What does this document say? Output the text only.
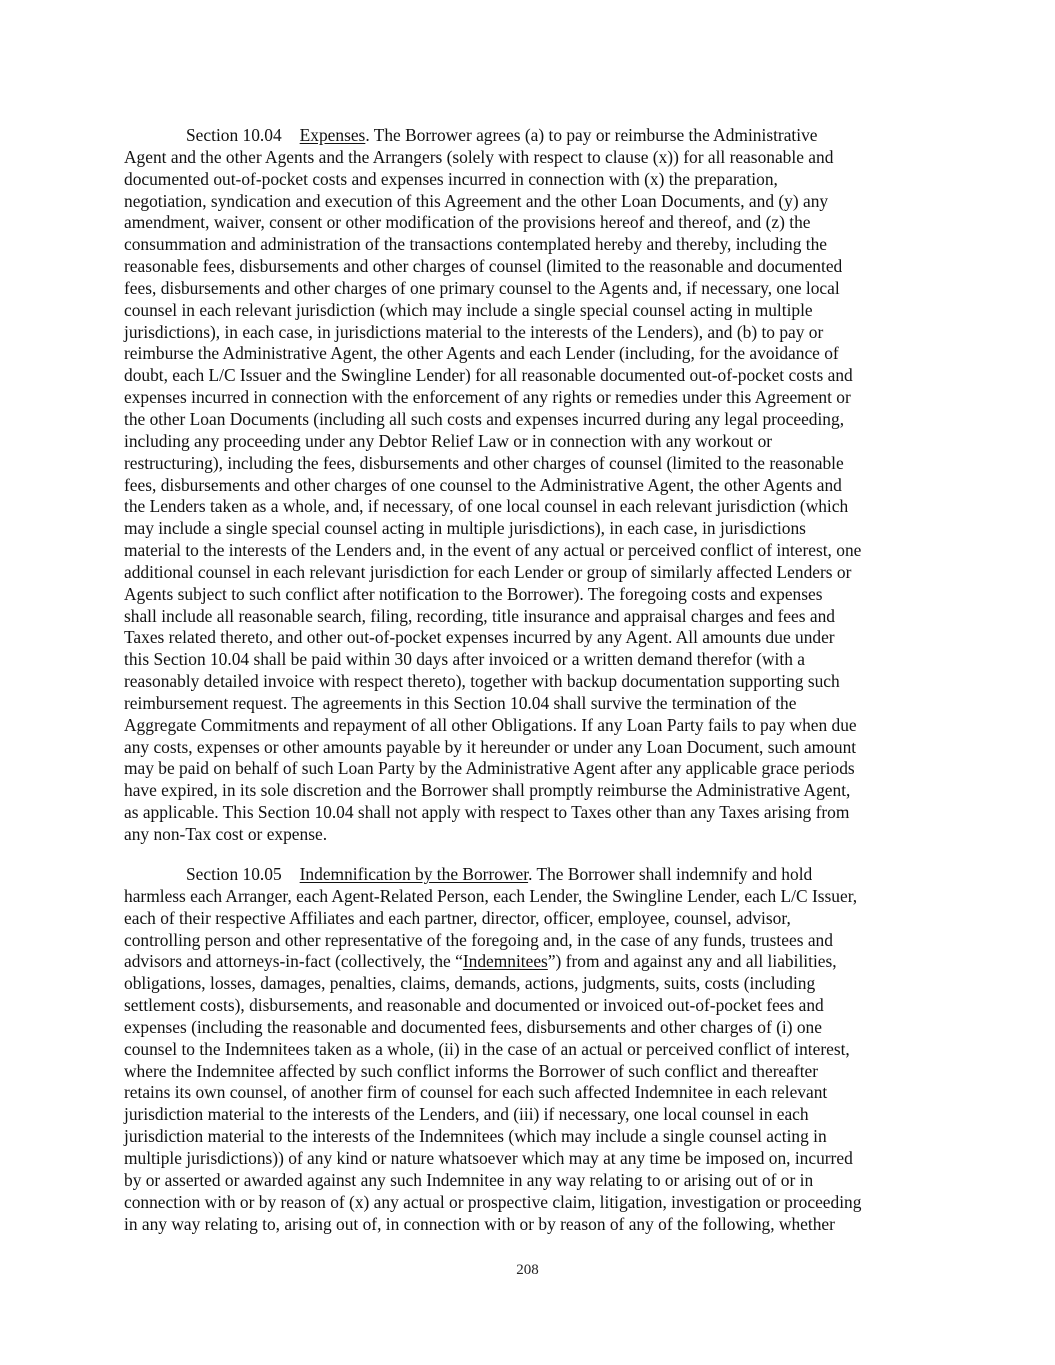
Section 10.04 Expenses. The Borrower agrees (a) to pay or reimburse the Administrative
Agent and the other Agents and the Arrangers (solely with respect to clause (x)) for all reasonable and
documented out-of-pocket costs and expenses incurred in connection with (x) the preparation,
negotiation, syndication and execution of this Agreement and the other Loan Documents, and (y) any
amendment, waiver, consent or other modification of the provisions hereof and thereof, and (z) the
consummation and administration of the transactions contemplated hereby and thereby, including the
reasonable fees, disbursements and other charges of counsel (limited to the reasonable and documented
fees, disbursements and other charges of one primary counsel to the Agents and, if necessary, one local
counsel in each relevant jurisdiction (which may include a single special counsel acting in multiple
jurisdictions), in each case, in jurisdictions material to the interests of the Lenders), and (b) to pay or
reimburse the Administrative Agent, the other Agents and each Lender (including, for the avoidance of
doubt, each L/C Issuer and the Swingline Lender) for all reasonable documented out-of-pocket costs and
expenses incurred in connection with the enforcement of any rights or remedies under this Agreement or
the other Loan Documents (including all such costs and expenses incurred during any legal proceeding,
including any proceeding under any Debtor Relief Law or in connection with any workout or
restructuring), including the fees, disbursements and other charges of counsel (limited to the reasonable
fees, disbursements and other charges of one counsel to the Administrative Agent, the other Agents and
the Lenders taken as a whole, and, if necessary, of one local counsel in each relevant jurisdiction (which
may include a single special counsel acting in multiple jurisdictions), in each case, in jurisdictions
material to the interests of the Lenders and, in the event of any actual or perceived conflict of interest, one
additional counsel in each relevant jurisdiction for each Lender or group of similarly affected Lenders or
Agents subject to such conflict after notification to the Borrower). The foregoing costs and expenses
shall include all reasonable search, filing, recording, title insurance and appraisal charges and fees and
Taxes related thereto, and other out-of-pocket expenses incurred by any Agent. All amounts due under
this Section 10.04 shall be paid within 30 days after invoiced or a written demand therefor (with a
reasonably detailed invoice with respect thereto), together with backup documentation supporting such
reimbursement request. The agreements in this Section 10.04 shall survive the termination of the
Aggregate Commitments and repayment of all other Obligations. If any Loan Party fails to pay when due
any costs, expenses or other amounts payable by it hereunder or under any Loan Document, such amount
may be paid on behalf of such Loan Party by the Administrative Agent after any applicable grace periods
have expired, in its sole discretion and the Borrower shall promptly reimburse the Administrative Agent,
as applicable. This Section 10.04 shall not apply with respect to Taxes other than any Taxes arising from
any non-Tax cost or expense.
Section 10.05 Indemnification by the Borrower. The Borrower shall indemnify and hold
harmless each Arranger, each Agent-Related Person, each Lender, the Swingline Lender, each L/C Issuer,
each of their respective Affiliates and each partner, director, officer, employee, counsel, advisor,
controlling person and other representative of the foregoing and, in the case of any funds, trustees and
advisors and attorneys-in-fact (collectively, the “Indemnitees”) from and against any and all liabilities,
obligations, losses, damages, penalties, claims, demands, actions, judgments, suits, costs (including
settlement costs), disbursements, and reasonable and documented or invoiced out-of-pocket fees and
expenses (including the reasonable and documented fees, disbursements and other charges of (i) one
counsel to the Indemnitees taken as a whole, (ii) in the case of an actual or perceived conflict of interest,
where the Indemnitee affected by such conflict informs the Borrower of such conflict and thereafter
retains its own counsel, of another firm of counsel for each such affected Indemnitee in each relevant
jurisdiction material to the interests of the Lenders, and (iii) if necessary, one local counsel in each
jurisdiction material to the interests of the Indemnitees (which may include a single counsel acting in
multiple jurisdictions)) of any kind or nature whatsoever which may at any time be imposed on, incurred
by or asserted or awarded against any such Indemnitee in any way relating to or arising out of or in
connection with or by reason of (x) any actual or prospective claim, litigation, investigation or proceeding
in any way relating to, arising out of, in connection with or by reason of any of the following, whether
208
